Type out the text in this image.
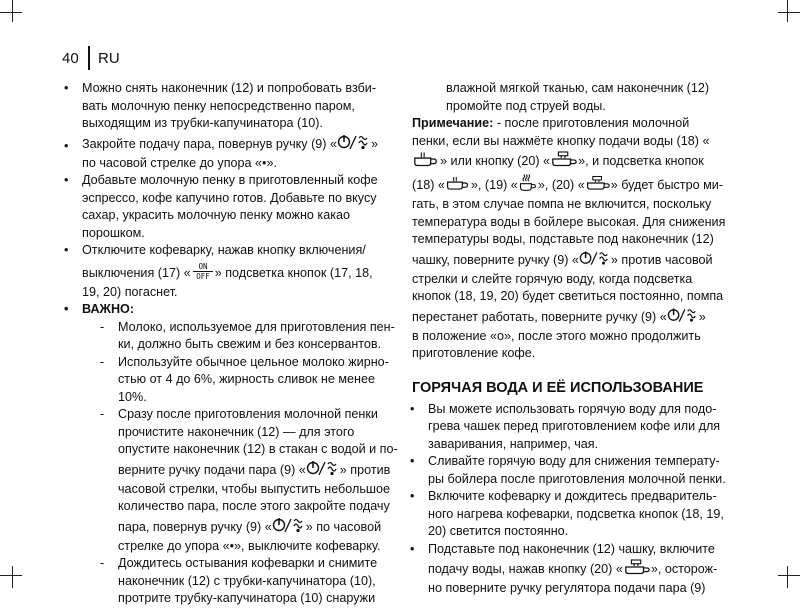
40 RU
• Можно снять наконечник (12) и попробовать взби-
вать молочную пенку непосредственно паром,
выходящим из трубки-капучинатора (10).
• Закройте подачу пара, повернув ручку (9) «	»
по часовой стрелке до упора «•».
• Добавьте молочную пенку в приготовленный кофе
эспрессо, кофе капучино готов. Добавьте по вкусу
сахар, украсить молочную пенку можно какао
порошком.
• Отключите кофеварку, нажав кнопку включения/
выключения (17) « ON
OFF » подсветка кнопок (17, 18,
19, 20) погаснет.
• ВАЖНО:
- Молоко, используемое для приготовления пен-
ки, должно быть свежим и без консервантов.
- Используйте обычное цельное молоко жирно-
стью от 4 до 6%, жирность сливок не менее
10%.
- Сразу после приготовления молочной пенки
прочистите наконечник (12) — для этого
опустите наконечник (12) в стакан с водой и по-
верните ручку подачи пара (9) «	» против
часовой стрелки, чтобы выпустить небольшое
количество пара, после этого закройте подачу
пара, повернув ручку (9) «	» по часовой
стрелке до упора «•», выключите кофеварку.
- Дождитесь остывания кофеварки и снимите
наконечник (12) с трубки-капучинатора (10),
протрите трубку-капучинатора (10) снаружи
влажной мягкой тканью, сам наконечник (12)
промойте под струей воды.
Примечание: - после приготовления молочной
пенки, если вы нажмёте кнопку подачи воды (18) «
» или кнопку (20) « », и подсветка кнопок
(18) « », (19) « », (20) « » будет быстро ми-
гать, в этом случае помпа не включится, поскольку
температура воды в бойлере высокая. Для снижения
температуры воды, подставьте под наконечник (12)
чашку, поверните ручку (9) «	» против часовой
стрелки и слейте горячую воду, когда подсветка
кнопок (18, 19, 20) будет светиться постоянно, помпа
перестанет работать, поверните ручку (9) «	»
в положение «о», после этого можно продолжить
приготовление кофе.
ГОРЯЧАЯ ВОДА И ЕЁ ИСПОЛЬЗОВАНИЕ
• Вы можете использовать горячую воду для подо-
грева чашек перед приготовлением кофе или для
заваривания, например, чая.
• Сливайте горячую воду для снижения температу-
ры бойлера после приготовления молочной пенки.
• Включите кофеварку и дождитесь предваритель-
ного нагрева кофеварки, подсветка кнопок (18, 19,
20) светится постоянно.
• Подставьте под наконечник (12) чашку, включите
подачу воды, нажав кнопку (20) « », осторож-
но поверните ручку регулятора подачи пара (9)
